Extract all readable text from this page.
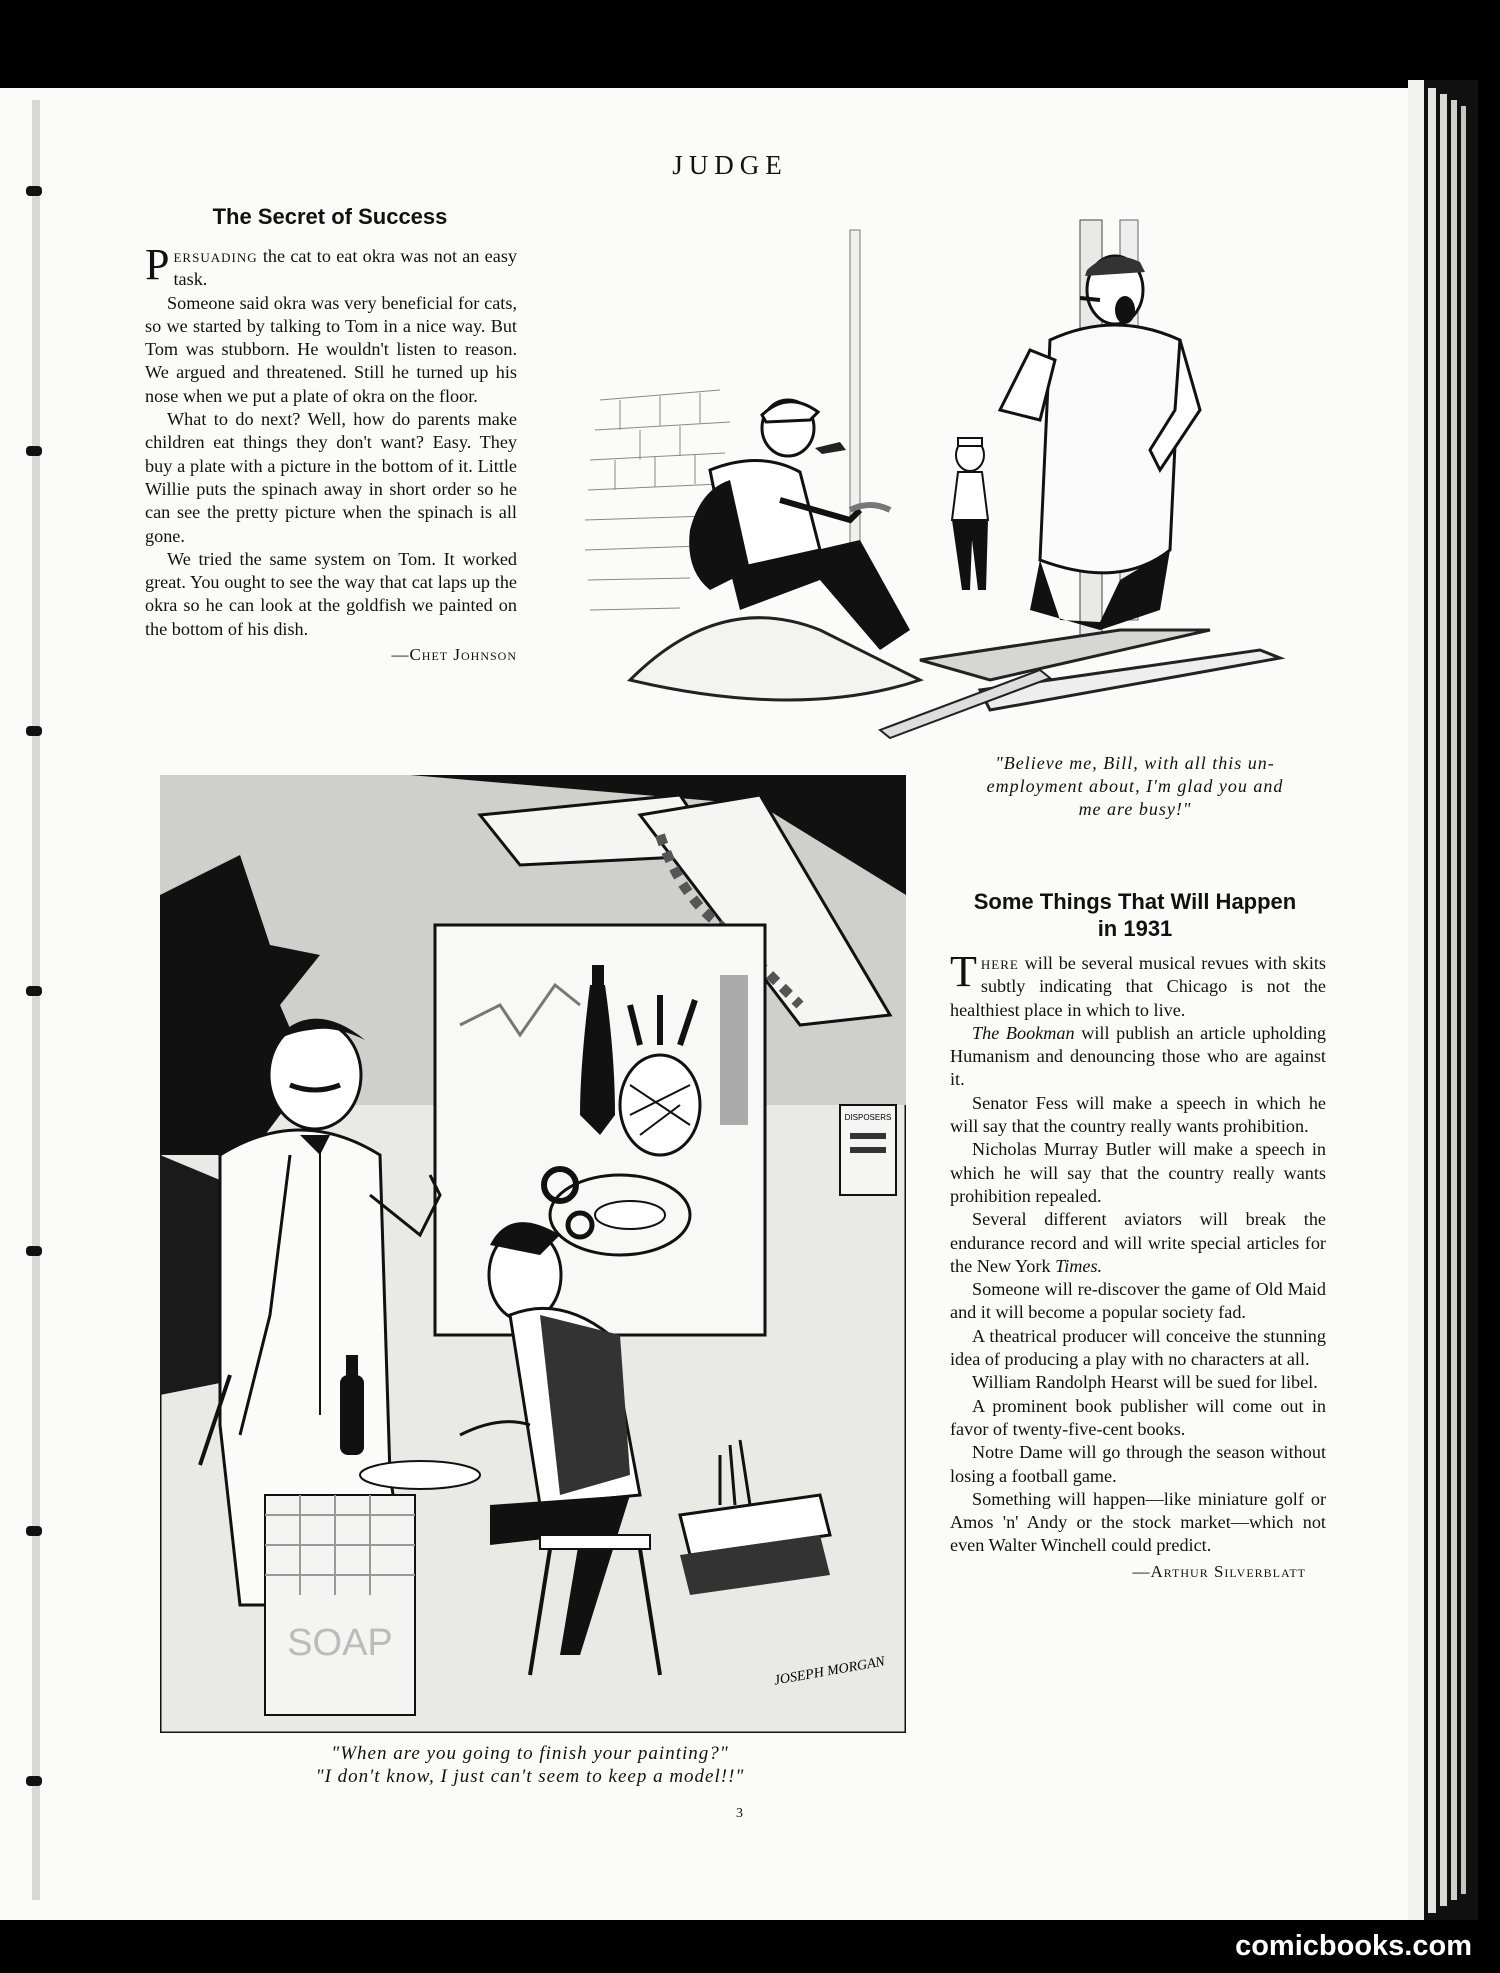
JUDGE
The Secret of Success

Persuading the cat to eat okra was not an easy task.

Someone said okra was very beneficial for cats, so we started by talking to Tom in a nice way. But Tom was stubborn. He wouldn't listen to reason. We argued and threatened. Still he turned up his nose when we put a plate of okra on the floor.

What to do next? Well, how do parents make children eat things they don't want? Easy. They buy a plate with a picture in the bottom of it. Little Willie puts the spinach away in short order so he can see the pretty picture when the spinach is all gone.

We tried the same system on Tom. It worked great. You ought to see the way that cat laps up the okra so he can look at the goldfish we painted on the bottom of his dish.

—Chet Johnson
"Believe me, Bill, with all this un-
employment about, I'm glad you and
me are busy!"
DISPOSERS
SOAP
JOSEPH MORGAN
"When are you going to finish your painting?"
"I don't know, I just can't seem to keep a model!!"
Some Things That Will Happen
in 1931

There will be several musical revues with skits subtly indicating that Chicago is not the healthiest place in which to live.

The Bookman will publish an article upholding Humanism and denouncing those who are against it.

Senator Fess will make a speech in which he will say that the country really wants prohibition.

Nicholas Murray Butler will make a speech in which he will say that the country really wants prohibition repealed.

Several different aviators will break the endurance record and will write special articles for the New York Times.

Someone will re-discover the game of Old Maid and it will become a popular society fad.

A theatrical producer will conceive the stunning idea of producing a play with no characters at all.

William Randolph Hearst will be sued for libel.

A prominent book publisher will come out in favor of twenty-five-cent books.

Notre Dame will go through the season without losing a football game.

Something will happen—like miniature golf or Amos 'n' Andy or the stock market—which not even Walter Winchell could predict.

—Arthur Silverblatt
3
comicbooks.com
